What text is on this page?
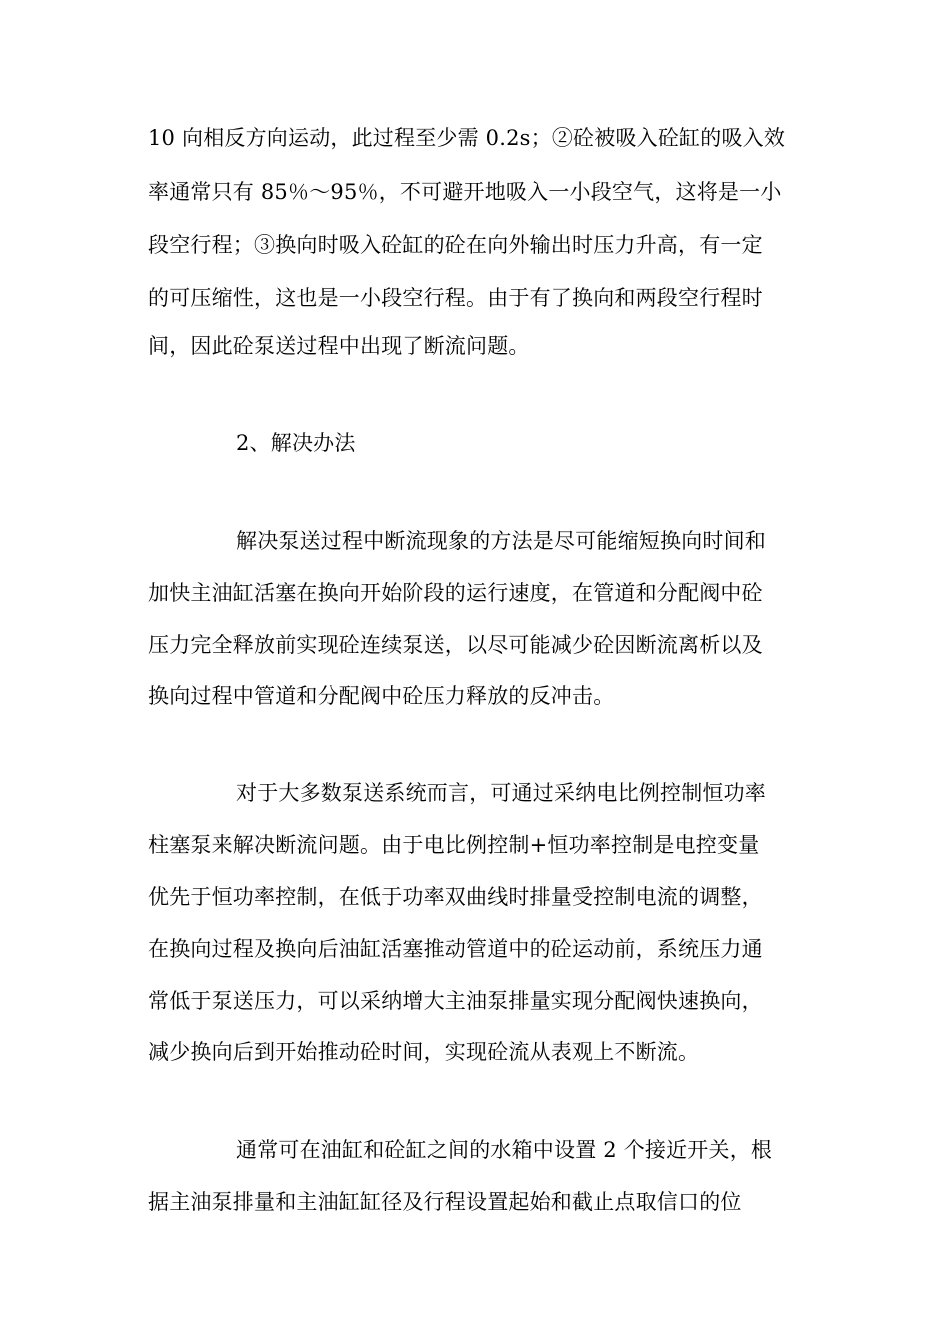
10 向相反方向运动，此过程至少需 0.2s；②砼被吸入砼缸的吸入效
率通常只有 85％～95％，不可避开地吸入一小段空气，这将是一小
段空行程；③换向时吸入砼缸的砼在向外输出时压力升高，有一定
的可压缩性，这也是一小段空行程。由于有了换向和两段空行程时
间，因此砼泵送过程中出现了断流问题。
2、解决办法
解决泵送过程中断流现象的方法是尽可能缩短换向时间和
加快主油缸活塞在换向开始阶段的运行速度，在管道和分配阀中砼
压力完全释放前实现砼连续泵送，以尽可能减少砼因断流离析以及
换向过程中管道和分配阀中砼压力释放的反冲击。
对于大多数泵送系统而言，可通过采纳电比例控制恒功率
柱塞泵来解决断流问题。由于电比例控制+恒功率控制是电控变量
优先于恒功率控制，在低于功率双曲线时排量受控制电流的调整，
在换向过程及换向后油缸活塞推动管道中的砼运动前，系统压力通
常低于泵送压力，可以采纳增大主油泵排量实现分配阀快速换向，
减少换向后到开始推动砼时间，实现砼流从表观上不断流。
通常可在油缸和砼缸之间的水箱中设置 2 个接近开关，根
据主油泵排量和主油缸缸径及行程设置起始和截止点取信口的位
